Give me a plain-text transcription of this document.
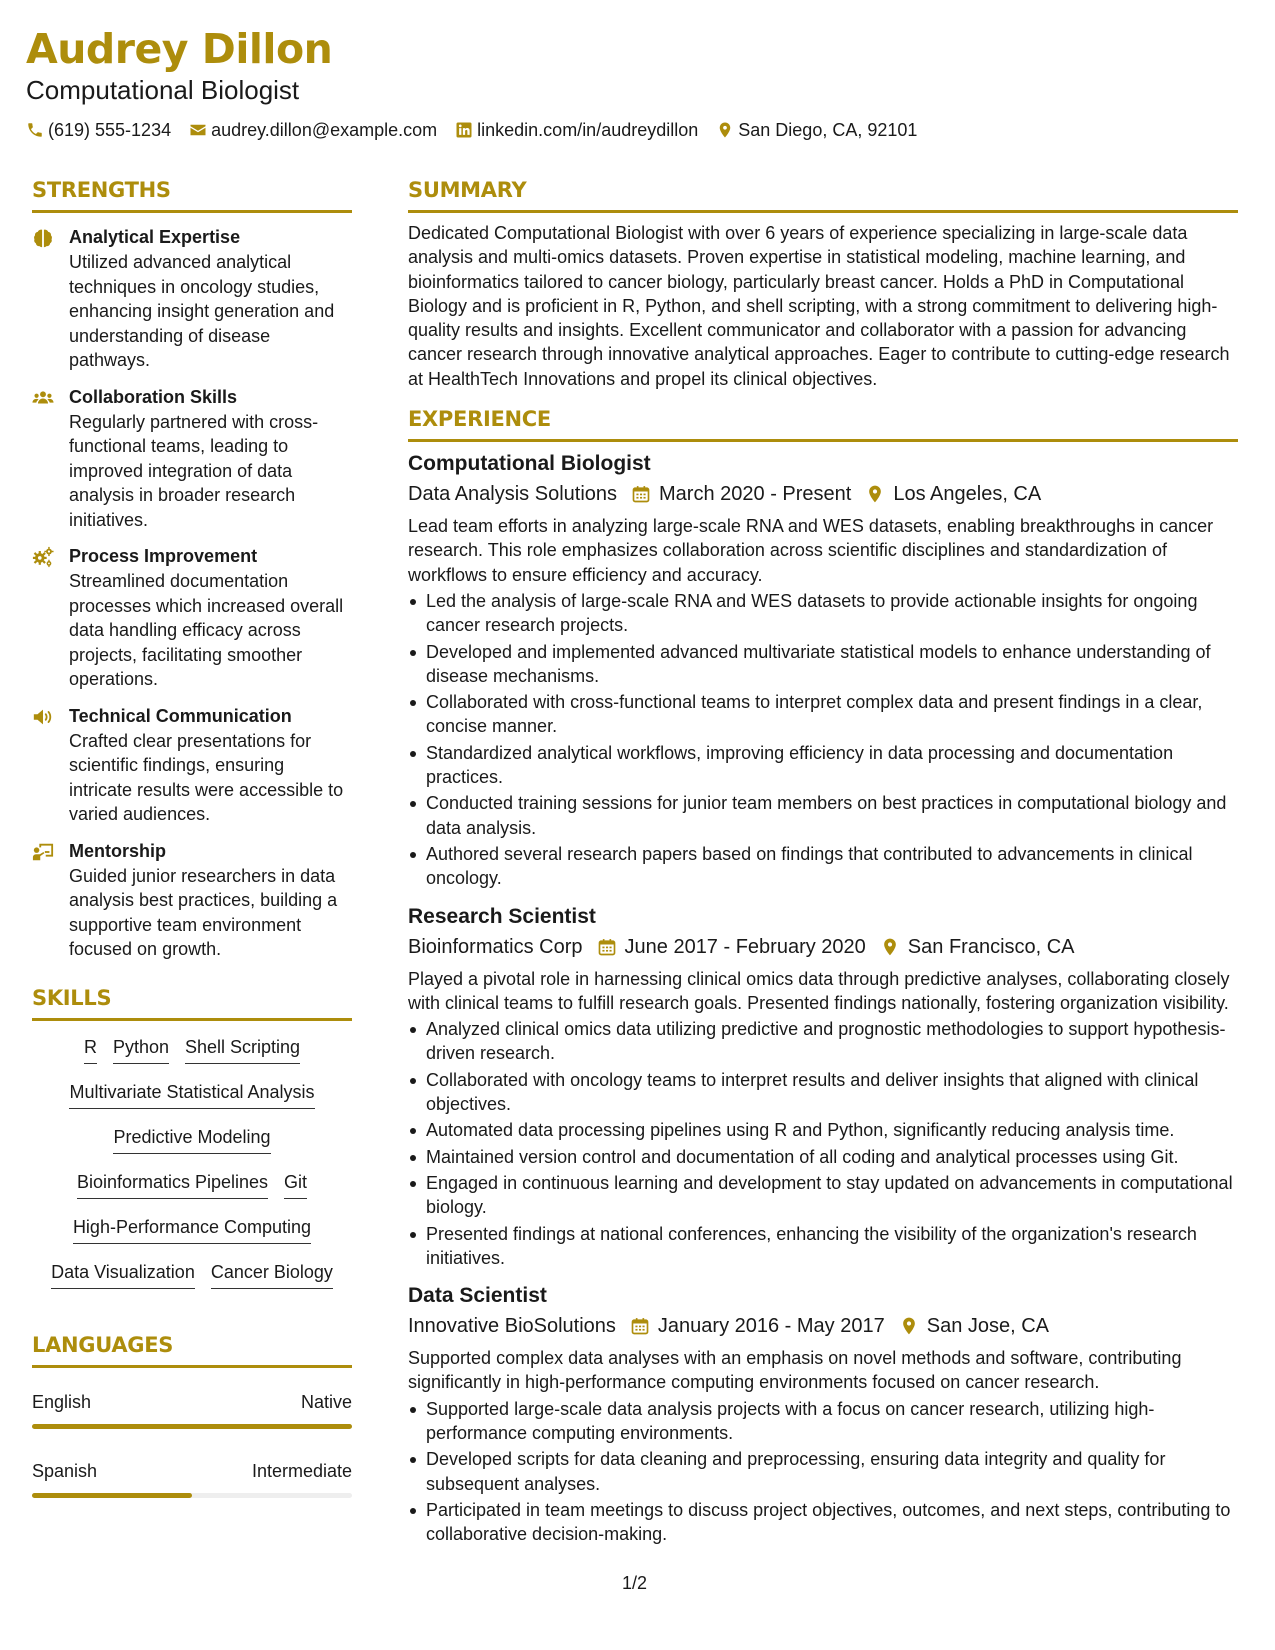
Audrey Dillon
Computational Biologist
(619) 555-1234 audrey.dillon@example.com linkedin.com/in/audreydillon San Diego, CA, 92101
STRENGTHS
Analytical Expertise
Utilized advanced analytical techniques in oncology studies, enhancing insight generation and understanding of disease pathways.
Collaboration Skills
Regularly partnered with cross-functional teams, leading to improved integration of data analysis in broader research initiatives.
Process Improvement
Streamlined documentation processes which increased overall data handling efficacy across projects, facilitating smoother operations.
Technical Communication
Crafted clear presentations for scientific findings, ensuring intricate results were accessible to varied audiences.
Mentorship
Guided junior researchers in data analysis best practices, building a supportive team environment focused on growth.
SKILLS
R Python Shell Scripting
Multivariate Statistical Analysis
Predictive Modeling
Bioinformatics Pipelines Git
High-Performance Computing
Data Visualization Cancer Biology
LANGUAGES
English	Native
Spanish	Intermediate
SUMMARY
Dedicated Computational Biologist with over 6 years of experience specializing in large-scale data analysis and multi-omics datasets. Proven expertise in statistical modeling, machine learning, and bioinformatics tailored to cancer biology, particularly breast cancer. Holds a PhD in Computational Biology and is proficient in R, Python, and shell scripting, with a strong commitment to delivering high-quality results and insights. Excellent communicator and collaborator with a passion for advancing cancer research through innovative analytical approaches. Eager to contribute to cutting-edge research at HealthTech Innovations and propel its clinical objectives.
EXPERIENCE
Computational Biologist
Data Analysis Solutions March 2020 - Present Los Angeles, CA
Lead team efforts in analyzing large-scale RNA and WES datasets, enabling breakthroughs in cancer research. This role emphasizes collaboration across scientific disciplines and standardization of workflows to ensure efficiency and accuracy.
Led the analysis of large-scale RNA and WES datasets to provide actionable insights for ongoing cancer research projects.
Developed and implemented advanced multivariate statistical models to enhance understanding of disease mechanisms.
Collaborated with cross-functional teams to interpret complex data and present findings in a clear, concise manner.
Standardized analytical workflows, improving efficiency in data processing and documentation practices.
Conducted training sessions for junior team members on best practices in computational biology and data analysis.
Authored several research papers based on findings that contributed to advancements in clinical oncology.
Research Scientist
Bioinformatics Corp June 2017 - February 2020 San Francisco, CA
Played a pivotal role in harnessing clinical omics data through predictive analyses, collaborating closely with clinical teams to fulfill research goals. Presented findings nationally, fostering organization visibility.
Analyzed clinical omics data utilizing predictive and prognostic methodologies to support hypothesis-driven research.
Collaborated with oncology teams to interpret results and deliver insights that aligned with clinical objectives.
Automated data processing pipelines using R and Python, significantly reducing analysis time.
Maintained version control and documentation of all coding and analytical processes using Git.
Engaged in continuous learning and development to stay updated on advancements in computational biology.
Presented findings at national conferences, enhancing the visibility of the organization's research initiatives.
Data Scientist
Innovative BioSolutions January 2016 - May 2017 San Jose, CA
Supported complex data analyses with an emphasis on novel methods and software, contributing significantly in high-performance computing environments focused on cancer research.
Supported large-scale data analysis projects with a focus on cancer research, utilizing high-performance computing environments.
Developed scripts for data cleaning and preprocessing, ensuring data integrity and quality for subsequent analyses.
Participated in team meetings to discuss project objectives, outcomes, and next steps, contributing to collaborative decision-making.
1/2
